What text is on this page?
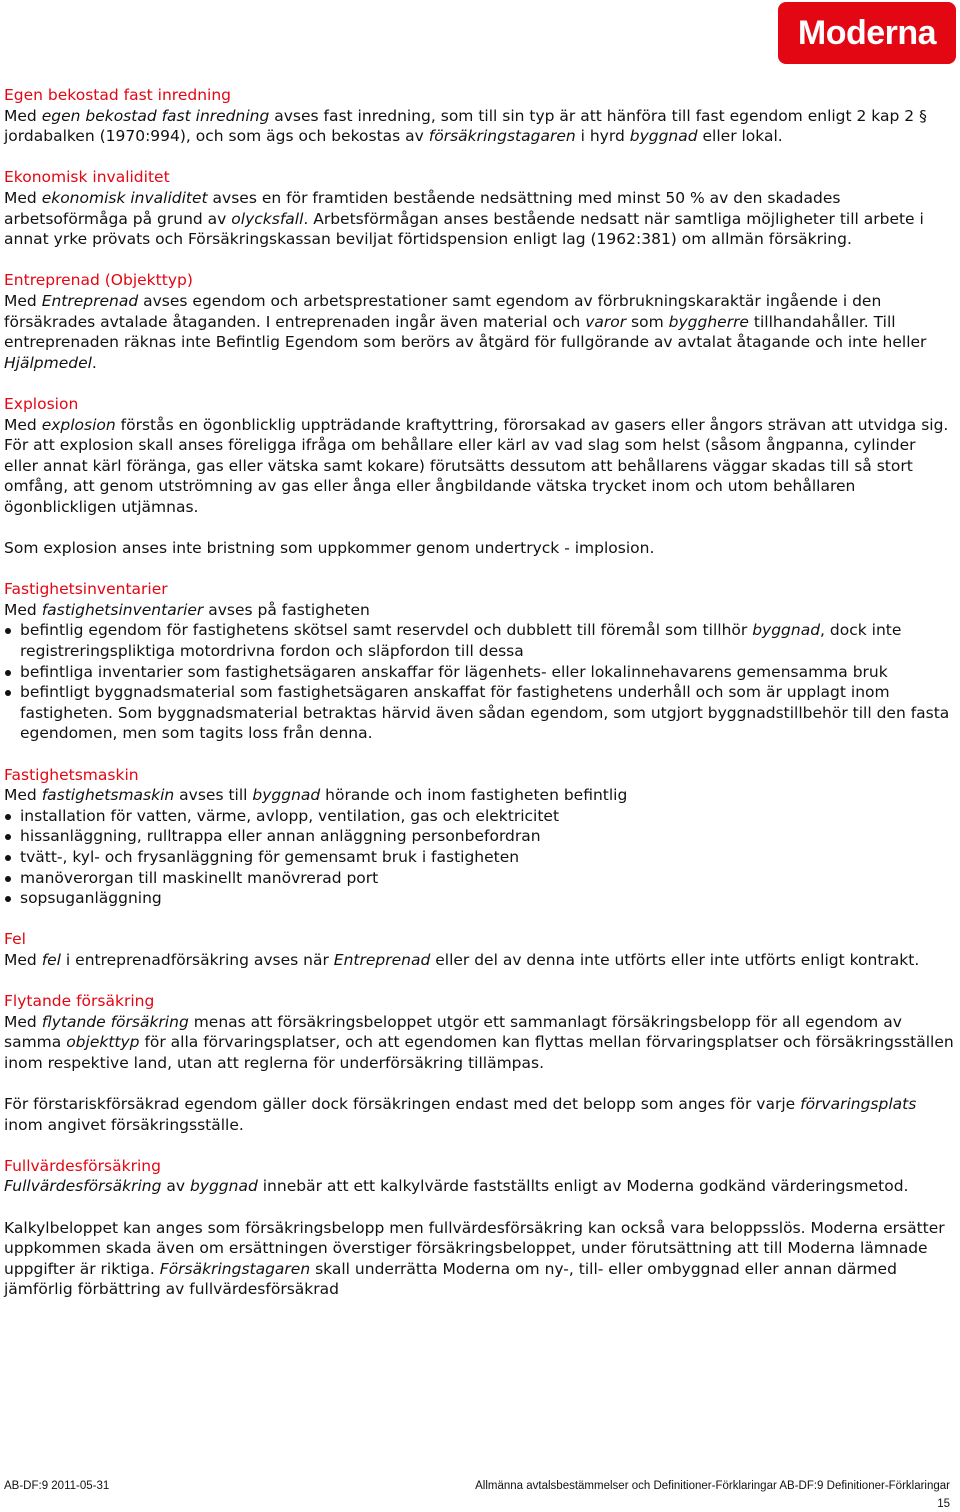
Moderna
Egen bekostad fast inredning
Med egen bekostad fast inredning avses fast inredning, som till sin typ är att hänföra till fast egendom enligt 2 kap 2 § jordabalken (1970:994), och som ägs och bekostas av försäkringstagaren i hyrd byggnad eller lokal.
Ekonomisk invaliditet
Med ekonomisk invaliditet avses en för framtiden bestående nedsättning med minst 50 % av den skadades arbetsoförmåga på grund av olycksfall. Arbetsförmågan anses bestående nedsatt när samtliga möjligheter till arbete i annat yrke prövats och Försäkringskassan beviljat förtidspension enligt lag (1962:381) om allmän försäkring.
Entreprenad (Objekttyp)
Med Entreprenad avses egendom och arbetsprestationer samt egendom av förbrukningskaraktär ingående i den försäkrades avtalade åtaganden. I entreprenaden ingår även material och varor som byggherre tillhandahåller. Till entreprenaden räknas inte Befintlig Egendom som berörs av åtgärd för fullgörande av avtalat åtagande och inte heller Hjälpmedel.
Explosion
Med explosion förstås en ögonblicklig uppträdande kraftyttring, förorsakad av gasers eller ångors strävan att utvidga sig. För att explosion skall anses föreligga ifråga om behållare eller kärl av vad slag som helst (såsom ångpanna, cylinder eller annat kärl föränga, gas eller vätska samt kokare) förutsätts dessutom att behållarens väggar skadas till så stort omfång, att genom utströmning av gas eller ånga eller ångbildande vätska trycket inom och utom behållaren ögonblickligen utjämnas.
Som explosion anses inte bristning som uppkommer genom undertryck - implosion.
Fastighetsinventarier
Med fastighetsinventarier avses på fastigheten
befintlig egendom för fastighetens skötsel samt reservdel och dubblett till föremål som tillhör byggnad, dock inte registreringspliktiga motordrivna fordon och släpfordon till dessa
befintliga inventarier som fastighetsägaren anskaffar för lägenhets- eller lokalinnehavarens gemensamma bruk
befintligt byggnadsmaterial som fastighetsägaren anskaffat för fastighetens underhåll och som är upplagt inom fastigheten. Som byggnadsmaterial betraktas härvid även sådan egendom, som utgjort byggnadstillbehör till den fasta egendomen, men som tagits loss från denna.
Fastighetsmaskin
Med fastighetsmaskin avses till byggnad hörande och inom fastigheten befintlig
installation för vatten, värme, avlopp, ventilation, gas och elektricitet
hissanläggning, rulltrappa eller annan anläggning personbefordran
tvätt-, kyl- och frysanläggning för gemensamt bruk i fastigheten
manöverorgan till maskinellt manövrerad port
sopsuganläggning
Fel
Med fel i entreprenadförsäkring avses när Entreprenad eller del av denna inte utförts eller inte utförts enligt kontrakt.
Flytande försäkring
Med flytande försäkring menas att försäkringsbeloppet utgör ett sammanlagt försäkringsbelopp för all egendom av samma objekttyp för alla förvaringsplatser, och att egendomen kan flyttas mellan förvaringsplatser och försäkringsställen inom respektive land, utan att reglerna för underförsäkring tillämpas.
För förstariskförsäkrad egendom gäller dock försäkringen endast med det belopp som anges för varje förvaringsplats inom angivet försäkringsställe.
Fullvärdesförsäkring
Fullvärdesförsäkring av byggnad innebär att ett kalkylvärde fastställts enligt av Moderna godkänd värderingsmetod.
Kalkylbeloppet kan anges som försäkringsbelopp men fullvärdesförsäkring kan också vara beloppsslös. Moderna ersätter uppkommen skada även om ersättningen överstiger försäkringsbeloppet, under förutsättning att till Moderna lämnade uppgifter är riktiga. Försäkringstagaren skall underrätta Moderna om ny-, till- eller ombyggnad eller annan därmed jämförlig förbättring av fullvärdesförsäkrad
AB-DF:9 2011-05-31	Allmänna avtalsbestämmelser och Definitioner-Förklaringar AB-DF:9 Definitioner-Förklaringar
15
